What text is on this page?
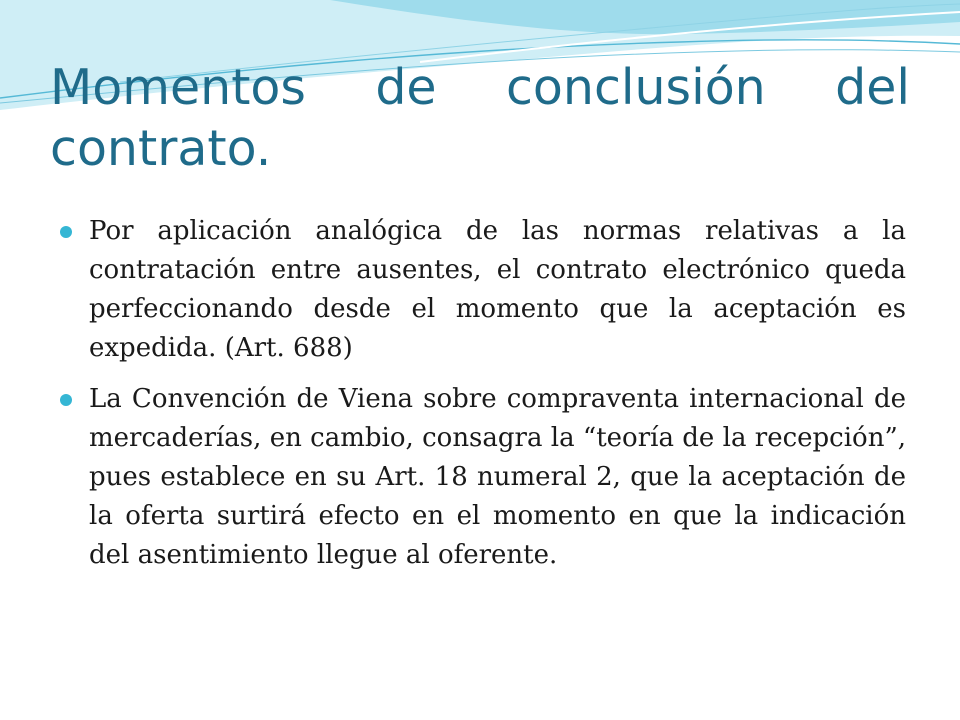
Momentos de conclusión del contrato.
Por aplicación analógica de las normas relativas a la contratación entre ausentes, el contrato electrónico queda perfeccionando desde el momento que la aceptación es expedida. (Art. 688)
La Convención de Viena sobre compraventa internacional de mercaderías, en cambio, consagra la “teoría de la recepción”, pues establece en su Art. 18 numeral 2, que la aceptación de la oferta surtirá efecto en el momento en que la indicación del asentimiento llegue al oferente.
